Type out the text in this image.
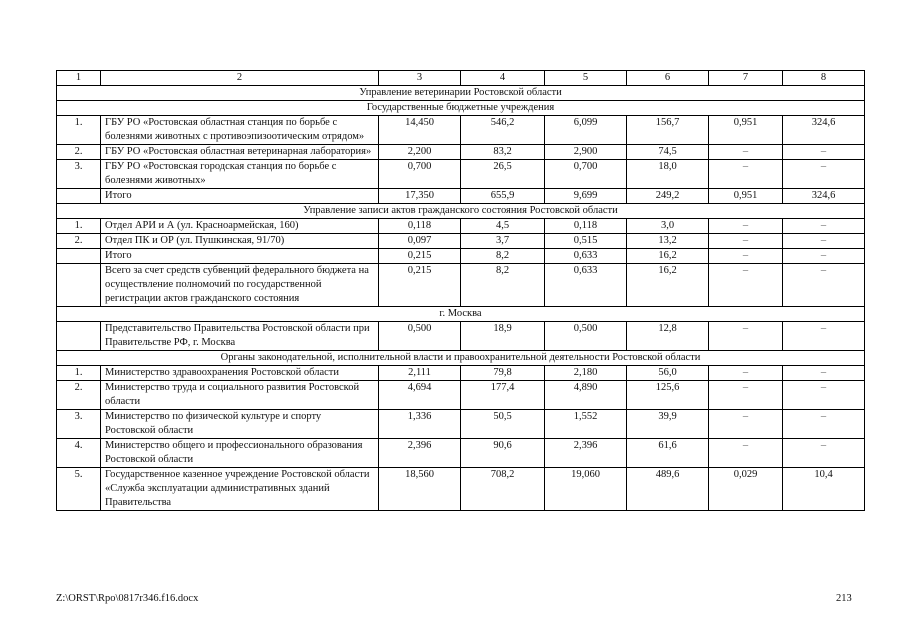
1	2	3	4	5	6	7	8
Управление ветеринарии Ростовской области							
Государственные бюджетные учреждения							
1.	ГБУ РО «Ростовская областная станция по борьбе с болезнями животных с противоэпизоотическим отрядом»	14,450	546,2	6,099	156,7	0,951	324,6
2.	ГБУ РО «Ростовская областная ветеринарная лаборатория»	2,200	83,2	2,900	74,5	–	–
3.	ГБУ РО «Ростовская городская станция по борьбе с болезнями животных»	0,700	26,5	0,700	18,0	–	–
	Итого	17,350	655,9	9,699	249,2	0,951	324,6
Управление записи актов гражданского состояния Ростовской области							
1.	Отдел АРИ и А (ул. Красноармейская, 160)	0,118	4,5	0,118	3,0	–	–
2.	Отдел ПК и ОР (ул. Пушкинская, 91/70)	0,097	3,7	0,515	13,2	–	–
	Итого	0,215	8,2	0,633	16,2	–	–
	Всего за счет средств субвенций федерального бюджета на осуществление полномочий по государственной регистрации актов гражданского состояния	0,215	8,2	0,633	16,2	–	–
г. Москва							
	Представительство Правительства Ростовской области при Правительстве РФ, г. Москва	0,500	18,9	0,500	12,8	–	–
Органы законодательной, исполнительной власти и правоохранительной деятельности Ростовской области							
1.	Министерство здравоохранения Ростовской области	2,111	79,8	2,180	56,0	–	–
2.	Министерство труда и социального развития Ростовской области	4,694	177,4	4,890	125,6	–	–
3.	Министерство по физической культуре и спорту Ростовской области	1,336	50,5	1,552	39,9	–	–
4.	Министерство общего и профессионального образования Ростовской области	2,396	90,6	2,396	61,6	–	–
5.	Государственное казенное учреждение Ростовской области «Служба эксплуатации административных зданий Правительства	18,560	708,2	19,060	489,6	0,029	10,4
Z:\ORST\Rpo\0817r346.f16.docx	213
